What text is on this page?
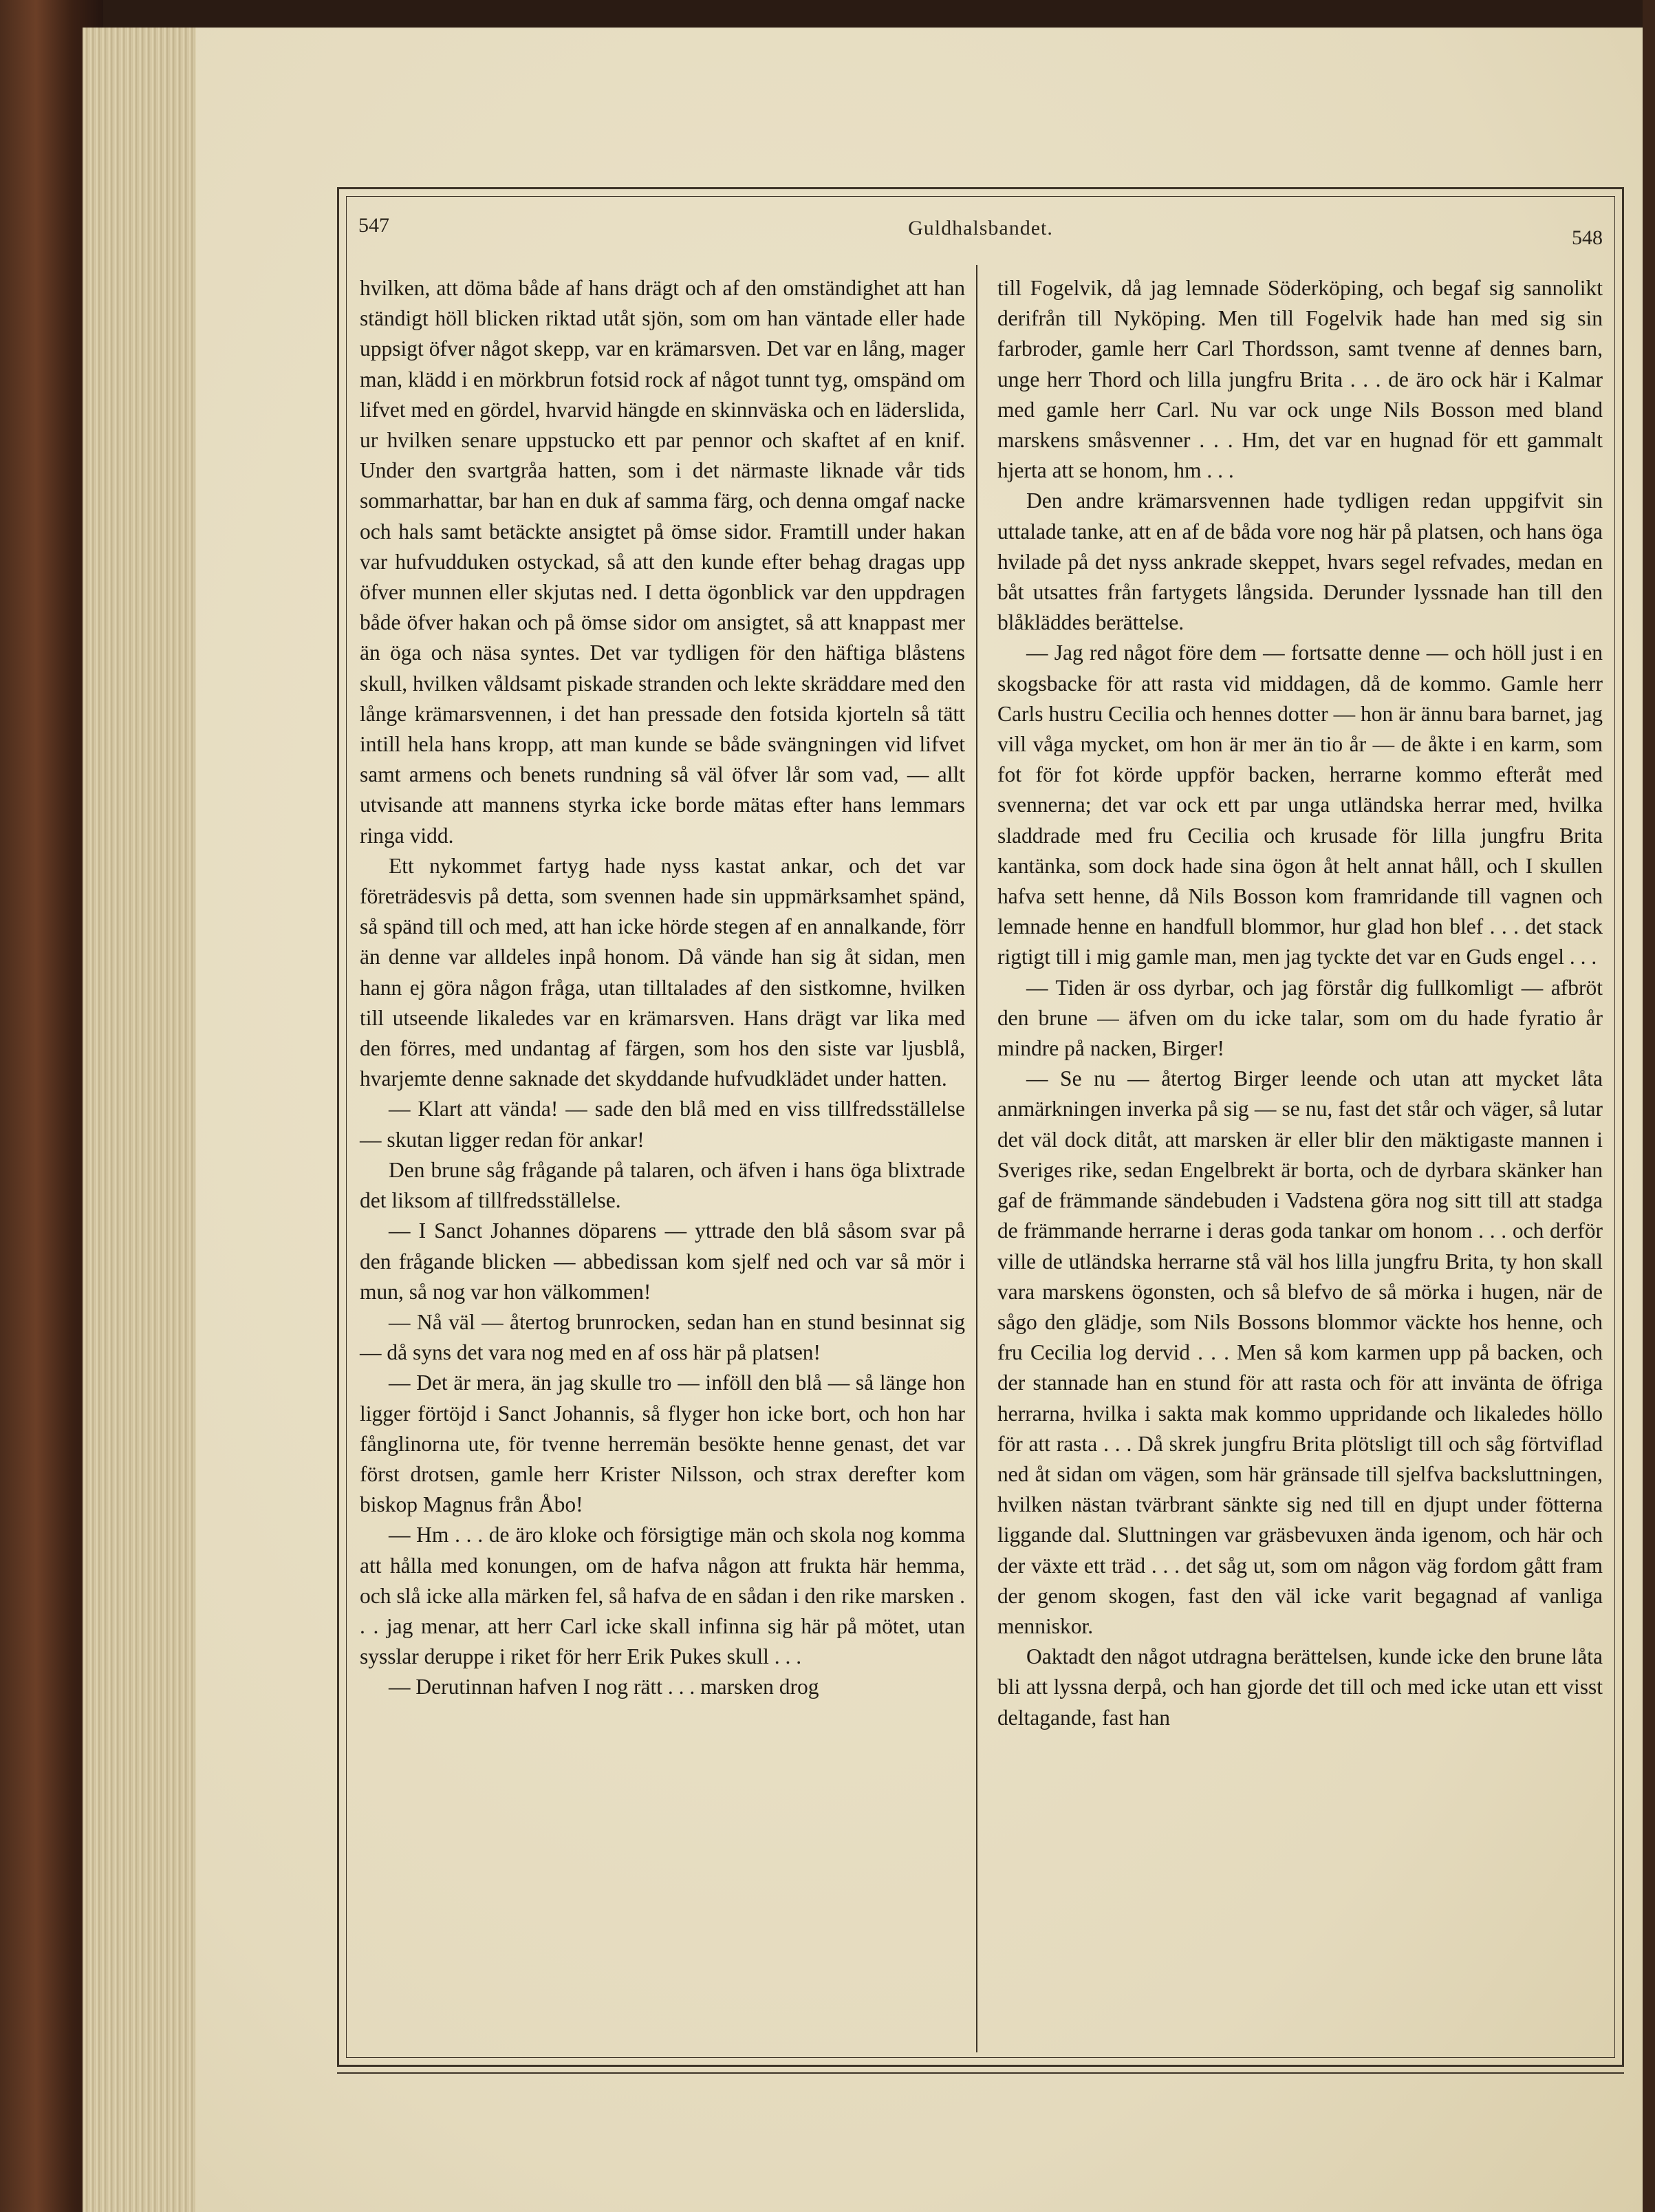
547	Guldhalsbandet.	548

hvilken, att döma både af hans drägt och af den omständighet att han ständigt höll blicken riktad utåt sjön, som om han väntade eller hade uppsigt öfver något skepp, var en krämarsven. Det var en lång, mager man, klädd i en mörkbrun fotsid rock af något tunnt tyg, omspänd om lifvet med en gördel, hvarvid hängde en skinnväska och en läderslida, ur hvilken senare uppstucko ett par pennor och skaftet af en knif. Under den svartgråa hatten, som i det närmaste liknade vår tids sommarhattar, bar han en duk af samma färg, och denna omgaf nacke och hals samt betäckte ansigtet på ömse sidor. Framtill under hakan var hufvudduken ostyckad, så att den kunde efter behag dragas upp öfver munnen eller skjutas ned. I detta ögonblick var den uppdragen både öfver hakan och på ömse sidor om ansigtet, så att knappast mer än öga och näsa syntes. Det var tydligen för den häftiga blåstens skull, hvilken våldsamt piskade stranden och lekte skräddare med den långe krämarsvennen, i det han pressade den fotsida kjorteln så tätt intill hela hans kropp, att man kunde se både svängningen vid lifvet samt armens och benets rundning så väl öfver lår som vad, — allt utvisande att mannens styrka icke borde mätas efter hans lemmars ringa vidd.

Ett nykommet fartyg hade nyss kastat ankar, och det var företrädesvis på detta, som svennen hade sin uppmärksamhet spänd, så spänd till och med, att han icke hörde stegen af en annalkande, förr än denne var alldeles inpå honom. Då vände han sig åt sidan, men hann ej göra någon fråga, utan tilltalades af den sistkomne, hvilken till utseende likaledes var en krämarsven. Hans drägt var lika med den förres, med undantag af färgen, som hos den siste var ljusblå, hvarjemte denne saknade det skyddande hufvudklädet under hatten.

— Klart att vända! — sade den blå med en viss tillfredsställelse — skutan ligger redan för ankar!

Den brune såg frågande på talaren, och äfven i hans öga blixtrade det liksom af tillfredsställelse.

— I Sanct Johannes döparens — yttrade den blå såsom svar på den frågande blicken — abbedissan kom sjelf ned och var så mör i mun, så nog var hon välkommen!

— Nå väl — återtog brunrocken, sedan han en stund besinnat sig — då syns det vara nog med en af oss här på platsen!

— Det är mera, än jag skulle tro — inföll den blå — så länge hon ligger förtöjd i Sanct Johannis, så flyger hon icke bort, och hon har fånglinorna ute, för tvenne herremän besökte henne genast, det var först drotsen, gamle herr Krister Nilsson, och strax derefter kom biskop Magnus från Åbo!

— Hm . . . de äro kloke och försigtige män och skola nog komma att hålla med konungen, om de hafva någon att frukta här hemma, och slå icke alla märken fel, så hafva de en sådan i den rike marsken . . . jag menar, att herr Carl icke skall infinna sig här på mötet, utan sysslar deruppe i riket för herr Erik Pukes skull . . .

— Derutinnan hafven I nog rätt . . . marsken drog

till Fogelvik, då jag lemnade Söderköping, och begaf sig sannolikt derifrån till Nyköping. Men till Fogelvik hade han med sig sin farbroder, gamle herr Carl Thordsson, samt tvenne af dennes barn, unge herr Thord och lilla jungfru Brita . . . de äro ock här i Kalmar med gamle herr Carl. Nu var ock unge Nils Bosson med bland marskens småsvenner . . . Hm, det var en hugnad för ett gammalt hjerta att se honom, hm . . .

Den andre krämarsvennen hade tydligen redan uppgifvit sin uttalade tanke, att en af de båda vore nog här på platsen, och hans öga hvilade på det nyss ankrade skeppet, hvars segel refvades, medan en båt utsattes från fartygets långsida. Derunder lyssnade han till den blåkläddes berättelse.

— Jag red något före dem — fortsatte denne — och höll just i en skogsbacke för att rasta vid middagen, då de kommo. Gamle herr Carls hustru Cecilia och hennes dotter — hon är ännu bara barnet, jag vill våga mycket, om hon är mer än tio år — de åkte i en karm, som fot för fot körde uppför backen, herrarne kommo efteråt med svennerna; det var ock ett par unga utländska herrar med, hvilka sladdrade med fru Cecilia och krusade för lilla jungfru Brita kantänka, som dock hade sina ögon åt helt annat håll, och I skullen hafva sett henne, då Nils Bosson kom framridande till vagnen och lemnade henne en handfull blommor, hur glad hon blef . . . det stack rigtigt till i mig gamle man, men jag tyckte det var en Guds engel . . .

— Tiden är oss dyrbar, och jag förstår dig fullkomligt — afbröt den brune — äfven om du icke talar, som om du hade fyratio år mindre på nacken, Birger!

— Se nu — återtog Birger leende och utan att mycket låta anmärkningen inverka på sig — se nu, fast det står och väger, så lutar det väl dock ditåt, att marsken är eller blir den mäktigaste mannen i Sveriges rike, sedan Engelbrekt är borta, och de dyrbara skänker han gaf de främmande sändebuden i Vadstena göra nog sitt till att stadga de främmande herrarne i deras goda tankar om honom . . . och derför ville de utländska herrarne stå väl hos lilla jungfru Brita, ty hon skall vara marskens ögonsten, och så blefvo de så mörka i hugen, när de sågo den glädje, som Nils Bossons blommor väckte hos henne, och fru Cecilia log dervid . . . Men så kom karmen upp på backen, och der stannade han en stund för att rasta och för att invänta de öfriga herrarna, hvilka i sakta mak kommo uppridande och likaledes höllo för att rasta . . . Då skrek jungfru Brita plötsligt till och såg förtviflad ned åt sidan om vägen, som här gränsade till sjelfva backsluttningen, hvilken nästan tvärbrant sänkte sig ned till en djupt under fötterna liggande dal. Sluttningen var gräsbevuxen ända igenom, och här och der växte ett träd . . . det såg ut, som om någon väg fordom gått fram der genom skogen, fast den väl icke varit begagnad af vanliga menniskor.

Oaktadt den något utdragna berättelsen, kunde icke den brune låta bli att lyssna derpå, och han gjorde det till och med icke utan ett visst deltagande, fast han
